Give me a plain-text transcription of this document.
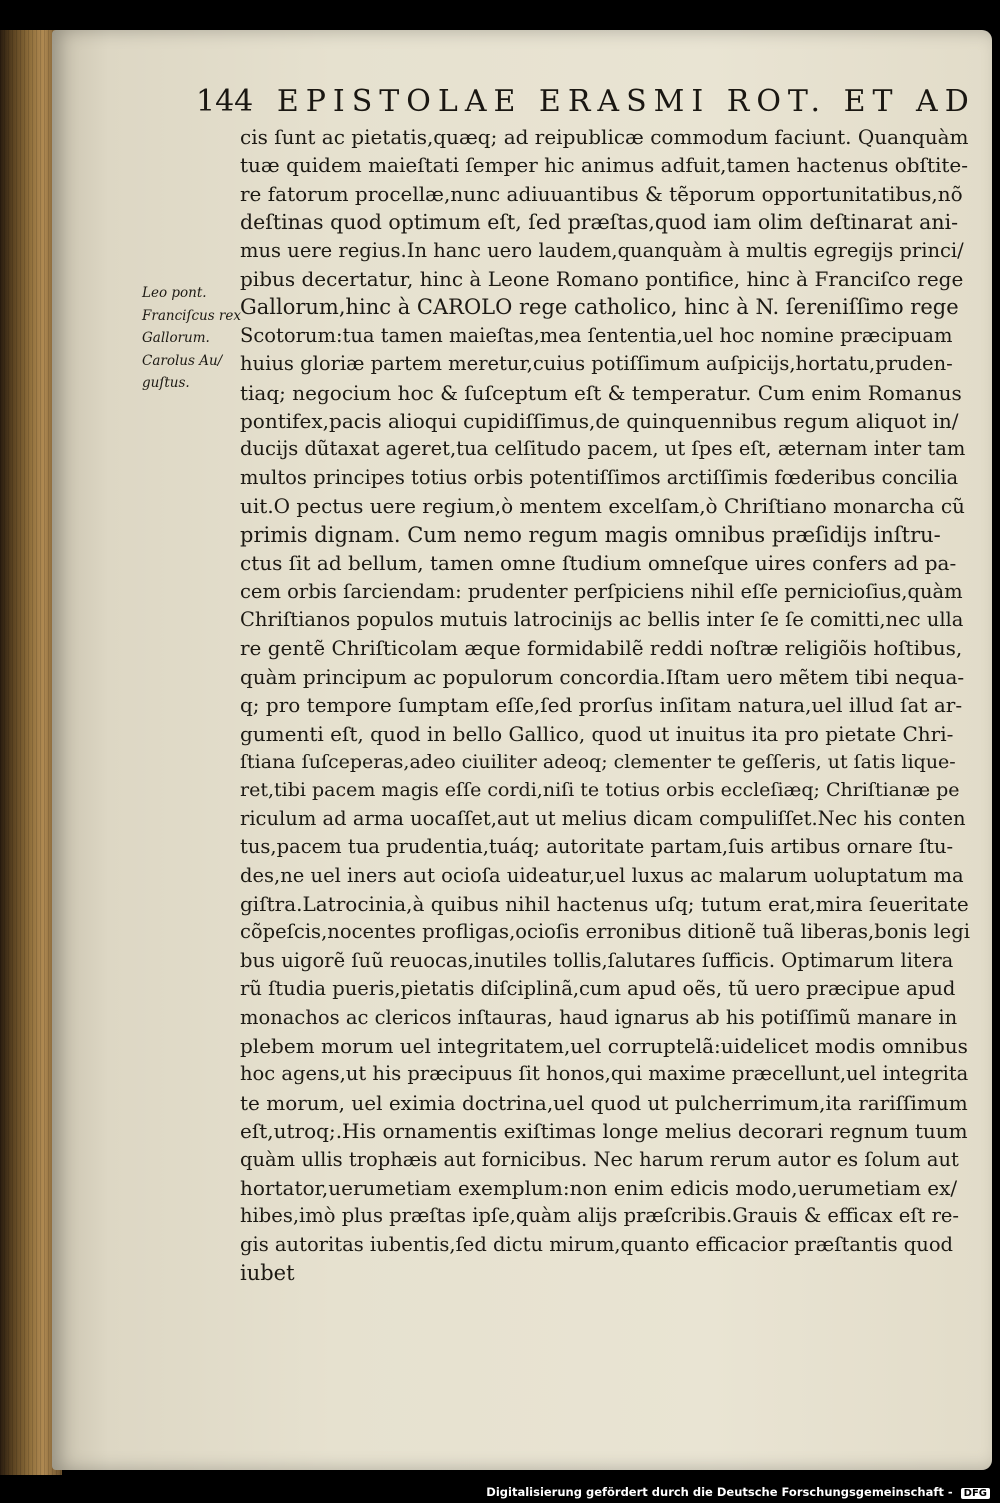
144 EPISTOLAE ERASMI ROT. ET AD
Leo pont.
Franciſcus rex
Gallorum.
Carolus Au/
guſtus.
cis ſunt ac pietatis,quæq; ad reipublicæ commodum faciunt. Quanquàm
tuæ quidem maieſtati ſemper hic animus adfuit,tamen hactenus obſtite-
re fatorum procellæ,nunc adiuuantibus & tẽporum opportunitatibus,nõ
deſtinas quod optimum eſt, ſed præſtas,quod iam olim deſtinarat ani-
mus uere regius.In hanc uero laudem,quanquàm à multis egregijs princi/
pibus decertatur, hinc à Leone Romano pontifice, hinc à Franciſco rege
Gallorum,hinc à CAROLO rege catholico, hinc à N. ſereniſſimo rege
Scotorum:tua tamen maieſtas,mea ſententia,uel hoc nomine præcipuam
huius gloriæ partem meretur,cuius potiſſimum auſpicijs,hortatu,pruden-
tiaq; negocium hoc & ſuſceptum eſt & temperatur. Cum enim Romanus
pontifex,pacis alioqui cupidiſſimus,de quinquennibus regum aliquot in/
ducijs dũtaxat ageret,tua celſitudo pacem, ut ſpes eſt, æternam inter tam
multos principes totius orbis potentiſſimos arctiſſimis fœderibus concilia
uit.O pectus uere regium,ò mentem excelſam,ò Chriſtiano monarcha cũ
primis dignam. Cum nemo regum magis omnibus præſidijs inſtru-
ctus ſit ad bellum, tamen omne ſtudium omneſque uires confers ad pa-
cem orbis ſarciendam: prudenter perſpiciens nihil eſſe pernicioſius,quàm
Chriſtianos populos mutuis latrocinijs ac bellis inter ſe ſe comitti,nec ulla
re gentẽ Chriſticolam æque formidabilẽ reddi noſtræ religiõis hoſtibus,
quàm principum ac populorum concordia.Iſtam uero mẽtem tibi nequa-
q; pro tempore ſumptam eſſe,ſed prorſus inſitam natura,uel illud ſat ar-
gumenti eſt, quod in bello Gallico, quod ut inuitus ita pro pietate Chri-
ſtiana ſuſceperas,adeo ciuiliter adeoq; clementer te geſſeris, ut ſatis lique-
ret,tibi pacem magis eſſe cordi,niſi te totius orbis eccleſiæq; Chriſtianæ pe
riculum ad arma uocaſſet,aut ut melius dicam compuliſſet.Nec his conten
tus,pacem tua prudentia,tuáq; autoritate partam,ſuis artibus ornare ſtu-
des,ne uel iners aut ocioſa uideatur,uel luxus ac malarum uoluptatum ma
giſtra.Latrocinia,à quibus nihil hactenus uſq; tutum erat,mira ſeueritate
cõpeſcis,nocentes profligas,ocioſis erronibus ditionẽ tuã liberas,bonis legi
bus uigorẽ ſuũ reuocas,inutiles tollis,ſalutares ſufficis. Optimarum litera
rũ ſtudia pueris,pietatis diſciplinã,cum apud oẽs, tũ uero præcipue apud
monachos ac clericos inſtauras, haud ignarus ab his potiſſimũ manare in
plebem morum uel integritatem,uel corruptelã:uidelicet modis omnibus
hoc agens,ut his præcipuus ſit honos,qui maxime præcellunt,uel integrita
te morum, uel eximia doctrina,uel quod ut pulcherrimum,ita rariſſimum
eſt,utroq;.His ornamentis exiſtimas longe melius decorari regnum tuum
quàm ullis trophæis aut fornicibus. Nec harum rerum autor es ſolum aut
hortator,uerumetiam exemplum:non enim edicis modo,uerumetiam ex/
hibes,imò plus præſtas ipſe,quàm alijs præſcribis.Grauis & efficax eſt re-
gis autoritas iubentis,ſed dictu mirum,quanto efficacior præſtantis quod
iubet
Digitalisierung gefördert durch die Deutsche Forschungsgemeinschaft - DFG
